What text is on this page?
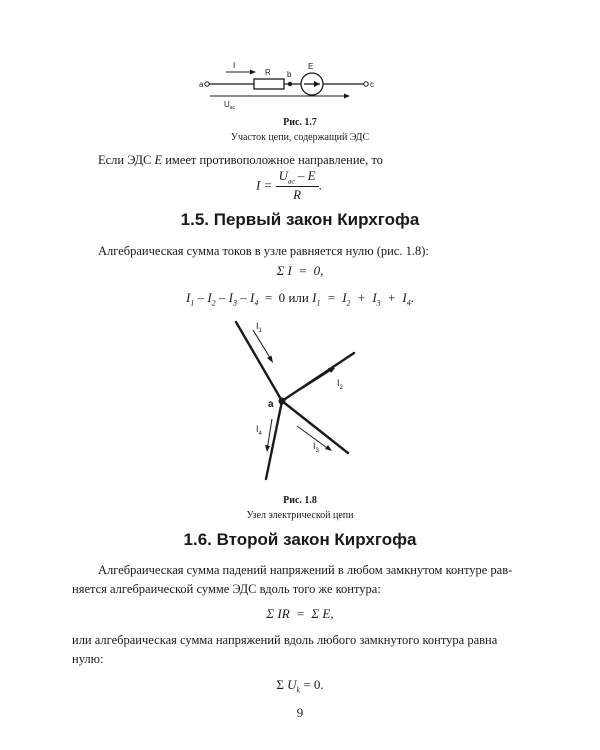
a
I
R b
E
c
$U_{ас}$
Рис. 1.7
Участок цепи, содержащий ЭДС
Если ЭДС E имеет противоположное направление, то
$I = \frac{U_{ас} - E}{R}$ .
1.5. Первый закон Кирхгофа
Алгебраическая сумма токов в узле равняется нулю (рис. 1.8):
Σ I  =  0,
$I_1 - I_2 - I_3 - I_4 = 0$ или $I_1 = I_2 + I_3 + I_4$.
a
$I_1$
$I_2$
$I_3$
$I_4$
Рис. 1.8
Узел электрической цепи
1.6. Второй закон Кирхгофа
Алгебраическая сумма падений напряжений в любом замкнутом контуре рав-
няется алгебраической сумме ЭДС вдоль того же контура:
Σ IR  =  Σ E,
или алгебраическая сумма напряжений вдоль любого замкнутого контура равна
нулю:
Σ $U_k = 0$.
9
